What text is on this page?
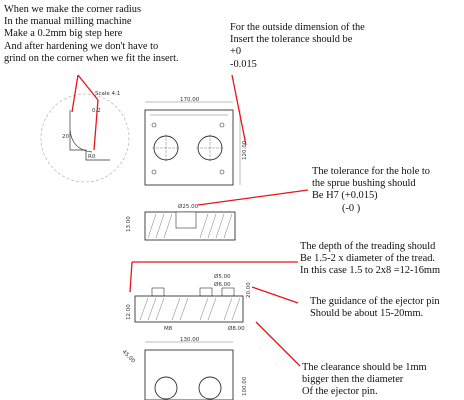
Scale 4:1
20
R0
170.00
120.00
Ø25.00
13.00
Ø5.00
Ø6.00
Ø8.00
M8
12.00
20.00
130.00
45.00
100.00
0.2
When we make the corner radius
In the manual milling machine
Make a 0.2mm big step here
And after hardening we don't have to
grind on the corner when we fit the insert.
For the outside dimension of the
Insert the tolerance should be
+0
-0.015
The tolerance for the hole to
the sprue bushing should
Be H7 (+0.015)
(-0 )
The depth of the treading should
Be 1.5-2 x diameter of the tread.
In this case 1.5 to 2x8 =12-16mm
The guidance of the ejector pin
Should be about 15-20mm.
The clearance should be 1mm
bigger then the diameter
Of the ejector pin.
